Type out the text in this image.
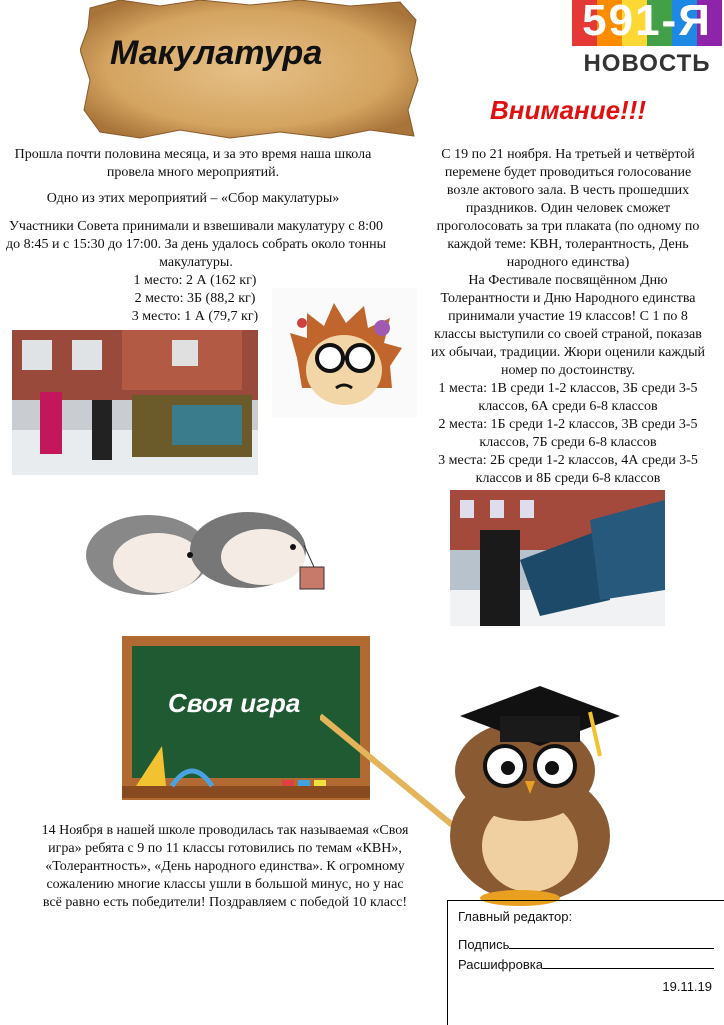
Макулатура
591-Я
НОВОСТЬ
Внимание!!!
Прошла почти половина месяца, и за это время наша школа провела много мероприятий.
Одно из этих мероприятий – «Сбор макулатуры»
Участники Совета принимали и взвешивали макулатуру с 8:00 до 8:45 и с 15:30 до 17:00. За день удалось собрать около тонны макулатуры.
1 место: 2 А (162 кг)
2 место: 3Б (88,2 кг)
3 место: 1 А (79,7 кг)
С 19 по 21 ноября. На третьей и четвёртой перемене будет проводиться голосование возле актового зала. В честь прошедших праздников. Один человек сможет проголосовать за три плаката (по одному по каждой теме: КВН, толерантность, День народного единства)
На Фестивале посвящённом Дню Толерантности и Дню Народного единства принимали участие 19 классов! С 1 по 8 классы выступили со своей страной, показав их обычаи, традиции. Жюри оценили каждый номер по достоинству.
1 места: 1В среди 1-2 классов, 3Б среди 3-5 классов, 6А среди 6-8 классов
2 места: 1Б среди 1-2 классов, 3В среди 3-5 классов, 7Б среди 6-8 классов
3 места: 2Б среди 1-2 классов, 4А среди 3-5 классов и 8Б среди 6-8 классов
Своя игра
14 Ноября в нашей школе проводилась так называемая «Своя игра» ребята с 9 по 11 классы готовились по темам «КВН», «Толерантность», «День народного единства». К огромному сожалению многие классы ушли в большой минус, но у нас всё равно есть победители! Поздравляем с победой 10 класс!
Главный редактор:
Подпись
Расшифровка
19.11.19
